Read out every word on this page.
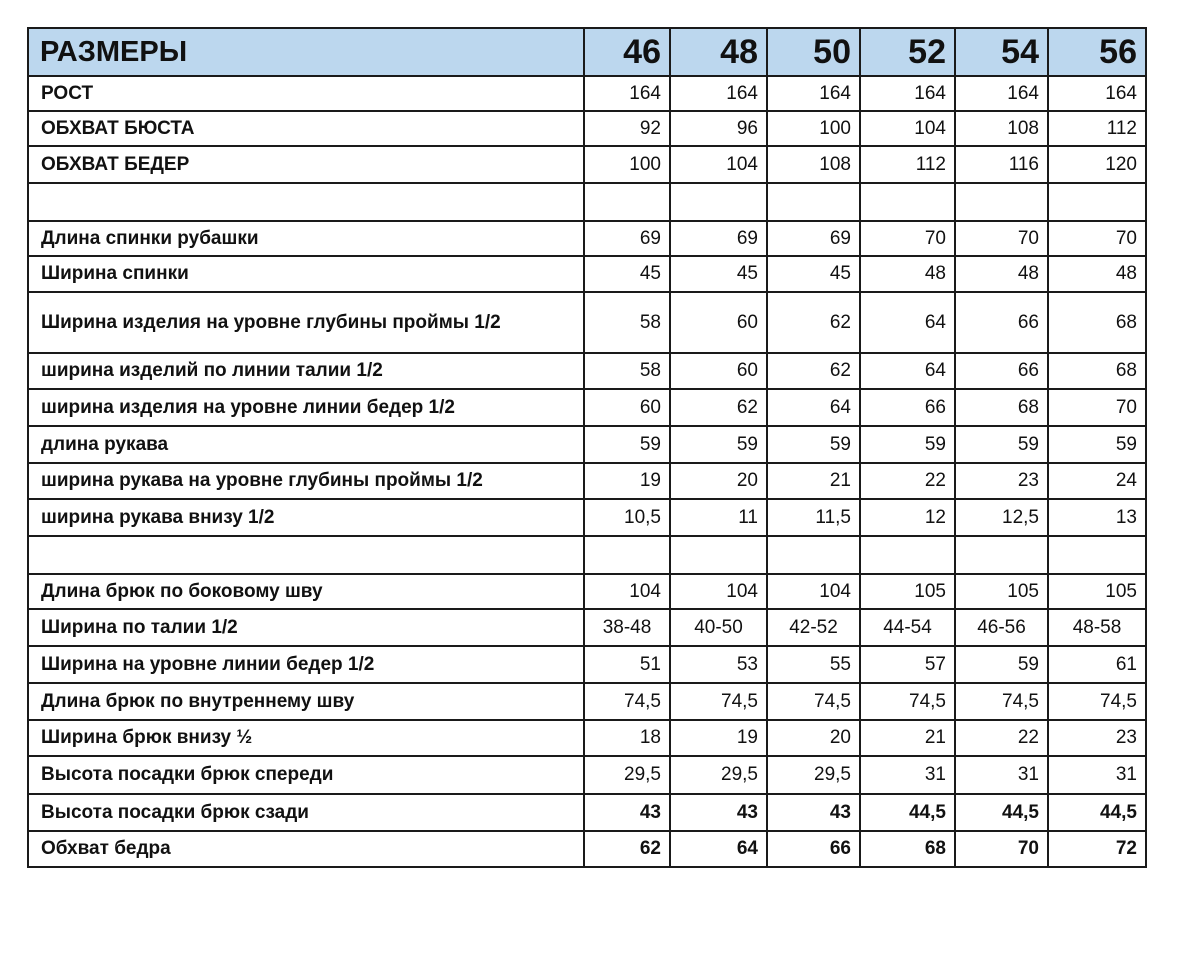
РАЗМЕРЫ	46	48	50	52	54	56
РОСТ	164	164	164	164	164	164
ОБХВАТ БЮСТА	92	96	100	104	108	112
ОБХВАТ БЕДЕР	100	104	108	112	116	120

Длина спинки рубашки	69	69	69	70	70	70
Ширина спинки	45	45	45	48	48	48
Ширина изделия на уровне глубины проймы 1/2	58	60	62	64	66	68
ширина изделий по линии талии 1/2	58	60	62	64	66	68
ширина изделия на уровне линии бедер 1/2	60	62	64	66	68	70
длина рукава	59	59	59	59	59	59
ширина рукава на уровне глубины проймы 1/2	19	20	21	22	23	24
ширина рукава внизу 1/2	10,5	11	11,5	12	12,5	13

Длина брюк по боковому шву	104	104	104	105	105	105
Ширина по талии 1/2	38-48	40-50	42-52	44-54	46-56	48-58
Ширина на уровне линии бедер 1/2	51	53	55	57	59	61
Длина брюк по внутреннему шву	74,5	74,5	74,5	74,5	74,5	74,5
Ширина брюк внизу ½	18	19	20	21	22	23
Высота посадки брюк спереди	29,5	29,5	29,5	31	31	31
Высота посадки брюк сзади	43	43	43	44,5	44,5	44,5
Обхват бедра	62	64	66	68	70	72
